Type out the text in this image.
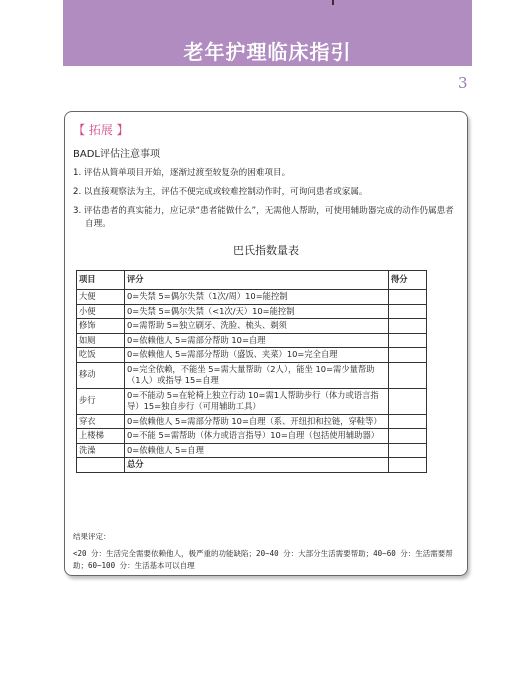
老年护理临床指引
3
【 拓展 】
BADL评估注意事项
1. 评估从简单项目开始，逐渐过渡至较复杂的困难项目。
2. 以直接观察法为主，评估不便完成或较难控制动作时，可询问患者或家属。
3. 评估患者的真实能力，应记录“患者能做什么”，无需他人帮助，可使用辅助器完成的动作仍属患者自理。
巴氏指数量表
项目	评分	得分
大便	0=失禁 5=偶尔失禁（1次/周）10=能控制	
小便	0=失禁 5=偶尔失禁（<1次/天）10=能控制	
修饰	0=需帮助 5=独立刷牙、洗脸、梳头、剃须	
如厕	0=依赖他人 5=需部分帮助 10=自理	
吃饭	0=依赖他人 5=需部分帮助（盛饭、夹菜）10=完全自理	
移动	0=完全依赖，不能坐 5=需大量帮助（2人），能坐 10=需少量帮助（1人）或指导 15=自理	
步行	0=不能动 5=在轮椅上独立行动 10=需1人帮助步行（体力或语言指导）15=独自步行（可用辅助工具）	
穿衣	0=依赖他人 5=需部分帮助 10=自理（系、开纽扣和拉链，穿鞋等）	
上楼梯	0=不能 5=需帮助（体力或语言指导）10=自理（包括使用辅助器）	
洗澡	0=依赖他人 5=自理	
	总分	
结果评定：
<20 分：生活完全需要依赖他人，极严重的功能缺陷；20~40 分：大部分生活需要帮助；40~60 分：生活需要帮助；60~100 分：生活基本可以自理
